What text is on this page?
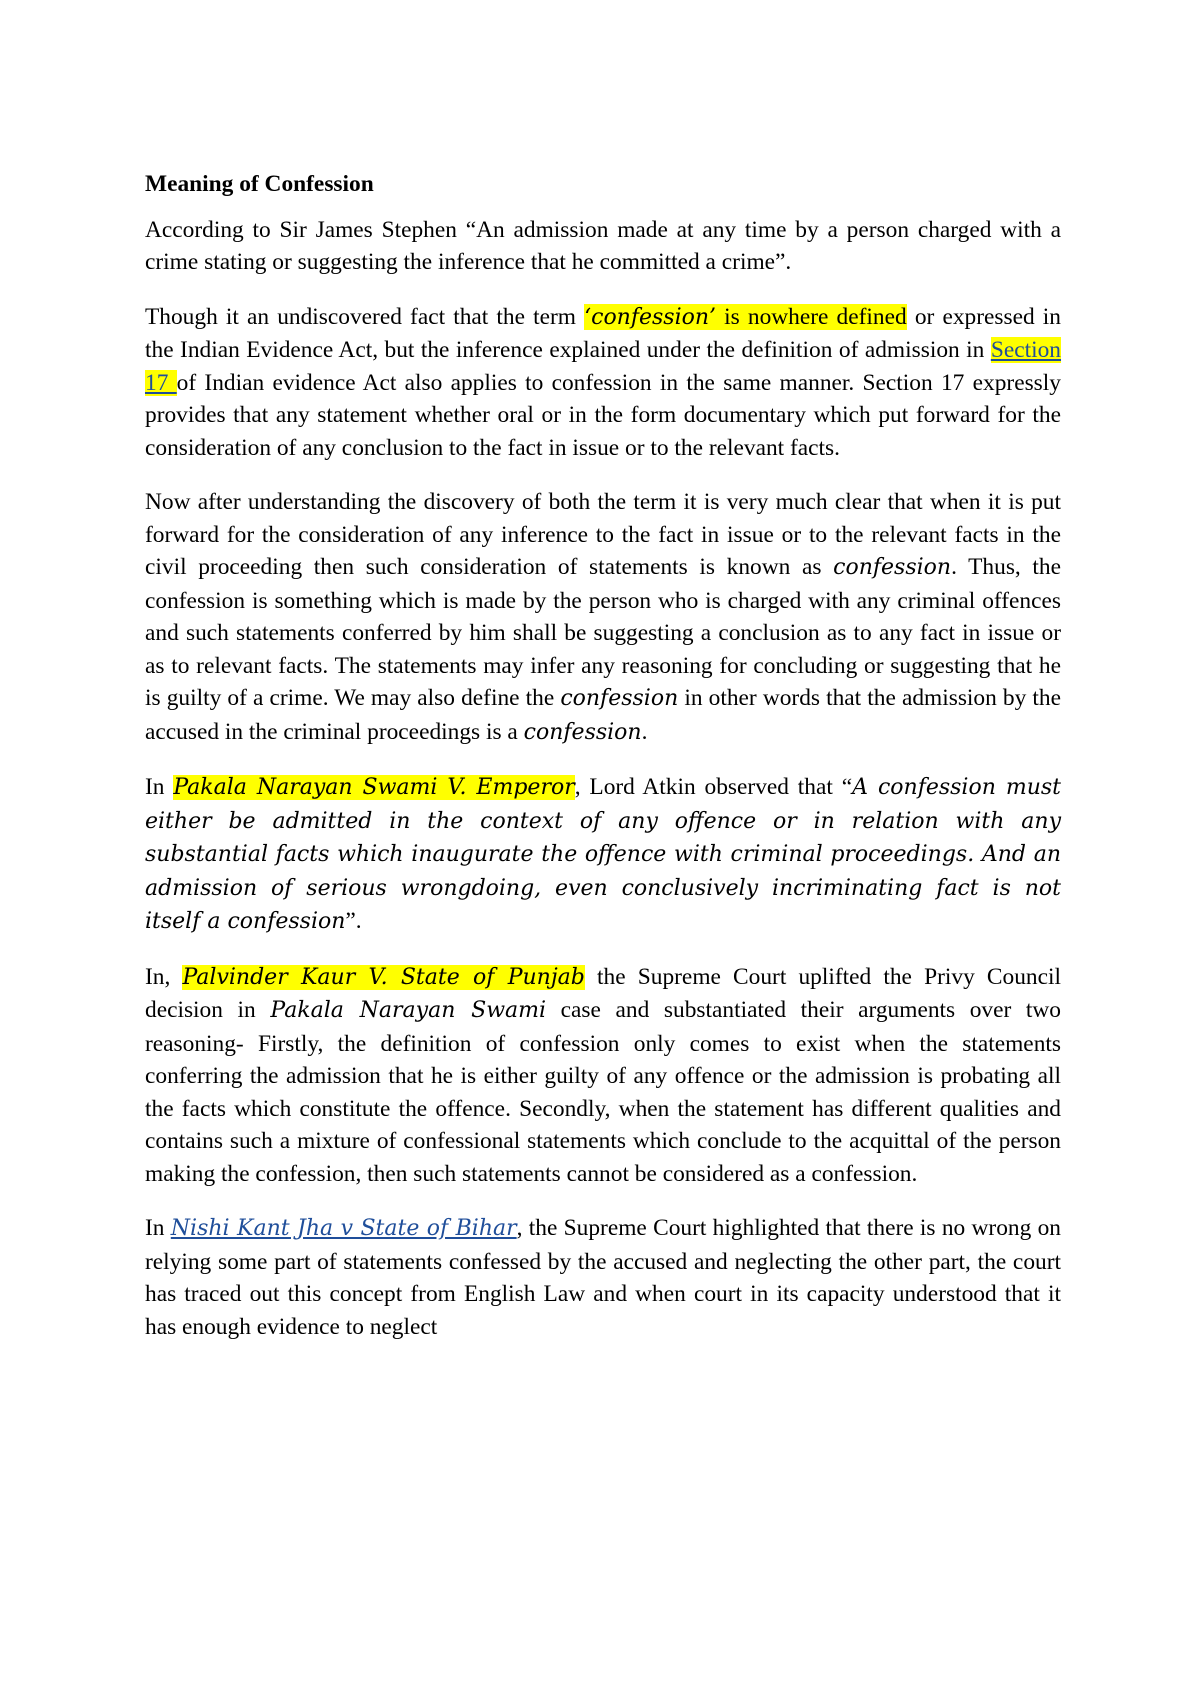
Meaning of Confession

According to Sir James Stephen “An admission made at any time by a person charged with a crime stating or suggesting the inference that he committed a crime”.

Though it an undiscovered fact that the term ‘confession’ is nowhere defined or expressed in the Indian Evidence Act, but the inference explained under the definition of admission in Section 17 of Indian evidence Act also applies to confession in the same manner. Section 17 expressly provides that any statement whether oral or in the form documentary which put forward for the consideration of any conclusion to the fact in issue or to the relevant facts.

Now after understanding the discovery of both the term it is very much clear that when it is put forward for the consideration of any inference to the fact in issue or to the relevant facts in the civil proceeding then such consideration of statements is known as confession. Thus, the confession is something which is made by the person who is charged with any criminal offences and such statements conferred by him shall be suggesting a conclusion as to any fact in issue or as to relevant facts. The statements may infer any reasoning for concluding or suggesting that he is guilty of a crime. We may also define the confession in other words that the admission by the accused in the criminal proceedings is a confession.

In Pakala Narayan Swami V. Emperor, Lord Atkin observed that “A confession must either be admitted in the context of any offence or in relation with any substantial facts which inaugurate the offence with criminal proceedings. And an admission of serious wrongdoing, even conclusively incriminating fact is not itself a confession”.

In, Palvinder Kaur V. State of Punjab the Supreme Court uplifted the Privy Council decision in Pakala Narayan Swami case and substantiated their arguments over two reasoning- Firstly, the definition of confession only comes to exist when the statements conferring the admission that he is either guilty of any offence or the admission is probating all the facts which constitute the offence. Secondly, when the statement has different qualities and contains such a mixture of confessional statements which conclude to the acquittal of the person making the confession, then such statements cannot be considered as a confession.

In Nishi Kant Jha v State of Bihar, the Supreme Court highlighted that there is no wrong on relying some part of statements confessed by the accused and neglecting the other part, the court has traced out this concept from English Law and when court in its capacity understood that it has enough evidence to neglect
